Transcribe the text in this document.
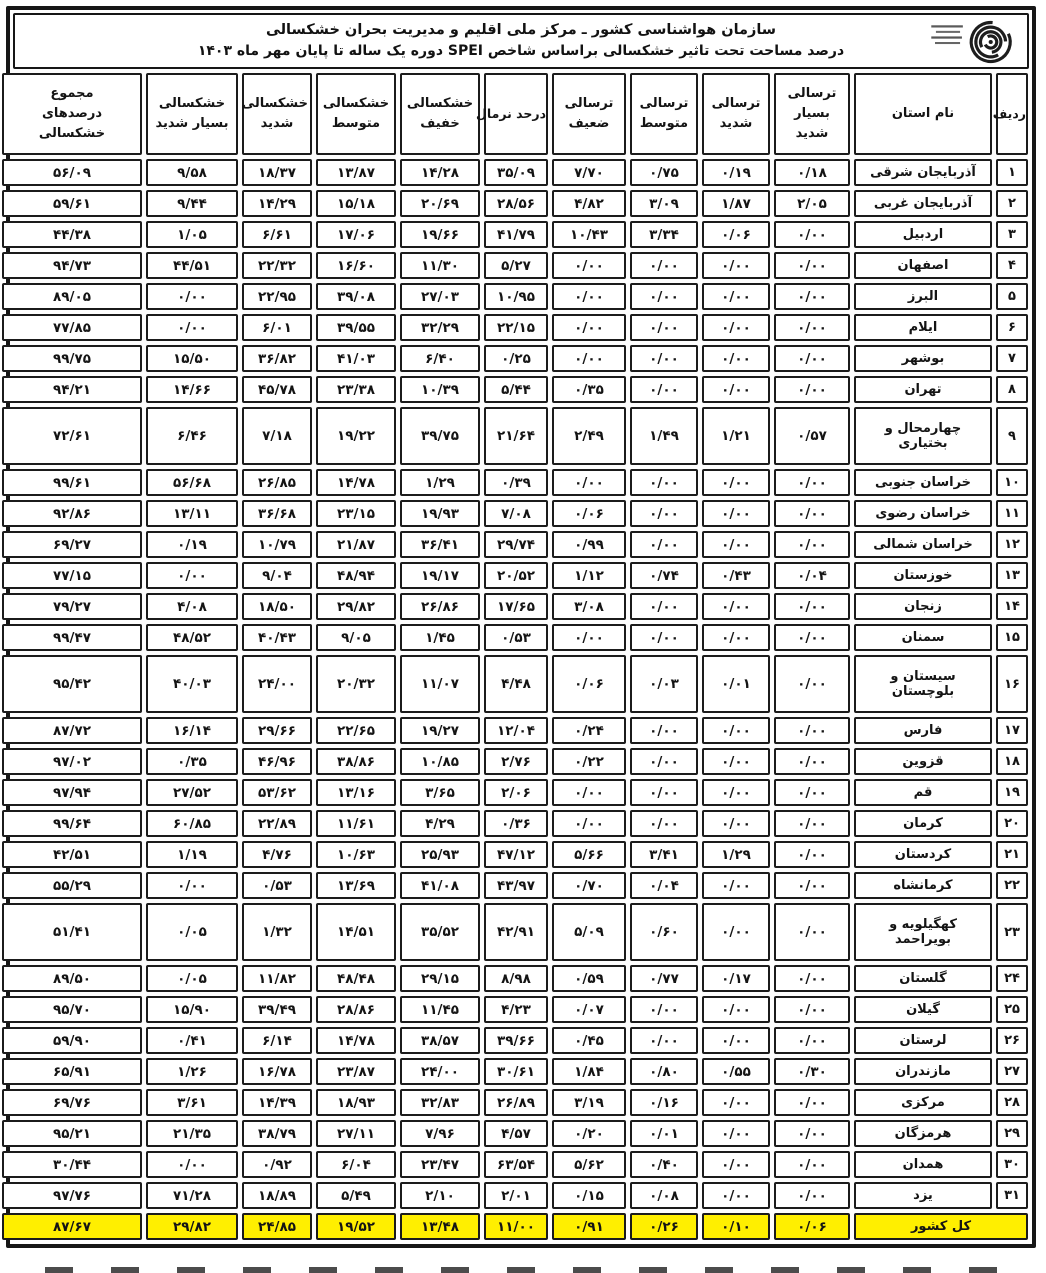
سازمان هواشناسی کشور ـ مرکز ملی اقلیم و مدیریت بحران خشکسالی
درصد مساحت تحت تاثیر خشکسالی براساس شاخص SPEI دوره یک ساله تا پایان مهر ماه ۱۴۰۳
ردیف	نام استان	ترسالی بسیار شدید	ترسالی شدید	ترسالی متوسط	ترسالی ضعیف	درحد نرمال	خشکسالی خفیف	خشکسالی متوسط	خشکسالی شدید	خشکسالی بسیار شدید	مجموع درصدهای خشکسالی
۱	آذربایجان شرقی	۰/۱۸	۰/۱۹	۰/۷۵	۷/۷۰	۳۵/۰۹	۱۴/۲۸	۱۳/۸۷	۱۸/۳۷	۹/۵۸	۵۶/۰۹
۲	آذربایجان غربی	۲/۰۵	۱/۸۷	۳/۰۹	۴/۸۲	۲۸/۵۶	۲۰/۶۹	۱۵/۱۸	۱۴/۲۹	۹/۴۴	۵۹/۶۱
۳	اردبیل	۰/۰۰	۰/۰۶	۳/۳۴	۱۰/۴۳	۴۱/۷۹	۱۹/۶۶	۱۷/۰۶	۶/۶۱	۱/۰۵	۴۴/۳۸
۴	اصفهان	۰/۰۰	۰/۰۰	۰/۰۰	۰/۰۰	۵/۲۷	۱۱/۳۰	۱۶/۶۰	۲۲/۳۲	۴۴/۵۱	۹۴/۷۳
۵	البرز	۰/۰۰	۰/۰۰	۰/۰۰	۰/۰۰	۱۰/۹۵	۲۷/۰۳	۳۹/۰۸	۲۲/۹۵	۰/۰۰	۸۹/۰۵
۶	ایلام	۰/۰۰	۰/۰۰	۰/۰۰	۰/۰۰	۲۲/۱۵	۳۲/۲۹	۳۹/۵۵	۶/۰۱	۰/۰۰	۷۷/۸۵
۷	بوشهر	۰/۰۰	۰/۰۰	۰/۰۰	۰/۰۰	۰/۲۵	۶/۴۰	۴۱/۰۳	۳۶/۸۲	۱۵/۵۰	۹۹/۷۵
۸	تهران	۰/۰۰	۰/۰۰	۰/۰۰	۰/۳۵	۵/۴۴	۱۰/۳۹	۲۳/۳۸	۴۵/۷۸	۱۴/۶۶	۹۴/۲۱
۹	چهارمحال و بختیاری	۰/۵۷	۱/۲۱	۱/۴۹	۲/۴۹	۲۱/۶۴	۳۹/۷۵	۱۹/۲۲	۷/۱۸	۶/۴۶	۷۲/۶۱
۱۰	خراسان جنوبی	۰/۰۰	۰/۰۰	۰/۰۰	۰/۰۰	۰/۳۹	۱/۲۹	۱۴/۷۸	۲۶/۸۵	۵۶/۶۸	۹۹/۶۱
۱۱	خراسان رضوی	۰/۰۰	۰/۰۰	۰/۰۰	۰/۰۶	۷/۰۸	۱۹/۹۳	۲۳/۱۵	۳۶/۶۸	۱۳/۱۱	۹۲/۸۶
۱۲	خراسان شمالی	۰/۰۰	۰/۰۰	۰/۰۰	۰/۹۹	۲۹/۷۴	۳۶/۴۱	۲۱/۸۷	۱۰/۷۹	۰/۱۹	۶۹/۲۷
۱۳	خوزستان	۰/۰۴	۰/۴۳	۰/۷۴	۱/۱۲	۲۰/۵۲	۱۹/۱۷	۴۸/۹۴	۹/۰۴	۰/۰۰	۷۷/۱۵
۱۴	زنجان	۰/۰۰	۰/۰۰	۰/۰۰	۳/۰۸	۱۷/۶۵	۲۶/۸۶	۲۹/۸۲	۱۸/۵۰	۴/۰۸	۷۹/۲۷
۱۵	سمنان	۰/۰۰	۰/۰۰	۰/۰۰	۰/۰۰	۰/۵۳	۱/۴۵	۹/۰۵	۴۰/۴۳	۴۸/۵۲	۹۹/۴۷
۱۶	سیستان و بلوچستان	۰/۰۰	۰/۰۱	۰/۰۳	۰/۰۶	۴/۴۸	۱۱/۰۷	۲۰/۳۲	۲۴/۰۰	۴۰/۰۳	۹۵/۴۲
۱۷	فارس	۰/۰۰	۰/۰۰	۰/۰۰	۰/۲۴	۱۲/۰۴	۱۹/۲۷	۲۲/۶۵	۲۹/۶۶	۱۶/۱۴	۸۷/۷۲
۱۸	قزوین	۰/۰۰	۰/۰۰	۰/۰۰	۰/۲۲	۲/۷۶	۱۰/۸۵	۳۸/۸۶	۴۶/۹۶	۰/۳۵	۹۷/۰۲
۱۹	قم	۰/۰۰	۰/۰۰	۰/۰۰	۰/۰۰	۲/۰۶	۳/۶۵	۱۳/۱۶	۵۳/۶۲	۲۷/۵۲	۹۷/۹۴
۲۰	کرمان	۰/۰۰	۰/۰۰	۰/۰۰	۰/۰۰	۰/۳۶	۴/۲۹	۱۱/۶۱	۲۲/۸۹	۶۰/۸۵	۹۹/۶۴
۲۱	کردستان	۰/۰۰	۱/۲۹	۳/۴۱	۵/۶۶	۴۷/۱۲	۲۵/۹۳	۱۰/۶۳	۴/۷۶	۱/۱۹	۴۲/۵۱
۲۲	کرمانشاه	۰/۰۰	۰/۰۰	۰/۰۴	۰/۷۰	۴۳/۹۷	۴۱/۰۸	۱۳/۶۹	۰/۵۳	۰/۰۰	۵۵/۲۹
۲۳	کهگیلویه و بویراحمد	۰/۰۰	۰/۰۰	۰/۶۰	۵/۰۹	۴۲/۹۱	۳۵/۵۲	۱۴/۵۱	۱/۳۲	۰/۰۵	۵۱/۴۱
۲۴	گلستان	۰/۰۰	۰/۱۷	۰/۷۷	۰/۵۹	۸/۹۸	۲۹/۱۵	۴۸/۴۸	۱۱/۸۲	۰/۰۵	۸۹/۵۰
۲۵	گیلان	۰/۰۰	۰/۰۰	۰/۰۰	۰/۰۷	۴/۲۳	۱۱/۴۵	۲۸/۸۶	۳۹/۴۹	۱۵/۹۰	۹۵/۷۰
۲۶	لرستان	۰/۰۰	۰/۰۰	۰/۰۰	۰/۴۵	۳۹/۶۶	۳۸/۵۷	۱۴/۷۸	۶/۱۴	۰/۴۱	۵۹/۹۰
۲۷	مازندران	۰/۳۰	۰/۵۵	۰/۸۰	۱/۸۴	۳۰/۶۱	۲۴/۰۰	۲۳/۸۷	۱۶/۷۸	۱/۲۶	۶۵/۹۱
۲۸	مرکزی	۰/۰۰	۰/۰۰	۰/۱۶	۳/۱۹	۲۶/۸۹	۳۲/۸۳	۱۸/۹۳	۱۴/۳۹	۳/۶۱	۶۹/۷۶
۲۹	هرمزگان	۰/۰۰	۰/۰۰	۰/۰۱	۰/۲۰	۴/۵۷	۷/۹۶	۲۷/۱۱	۳۸/۷۹	۲۱/۳۵	۹۵/۲۱
۳۰	همدان	۰/۰۰	۰/۰۰	۰/۴۰	۵/۶۲	۶۳/۵۴	۲۳/۴۷	۶/۰۴	۰/۹۲	۰/۰۰	۳۰/۴۴
۳۱	یزد	۰/۰۰	۰/۰۰	۰/۰۸	۰/۱۵	۲/۰۱	۲/۱۰	۵/۴۹	۱۸/۸۹	۷۱/۲۸	۹۷/۷۶
کل کشور		۰/۰۶	۰/۱۰	۰/۲۶	۰/۹۱	۱۱/۰۰	۱۳/۴۸	۱۹/۵۲	۲۴/۸۵	۲۹/۸۲	۸۷/۶۷
